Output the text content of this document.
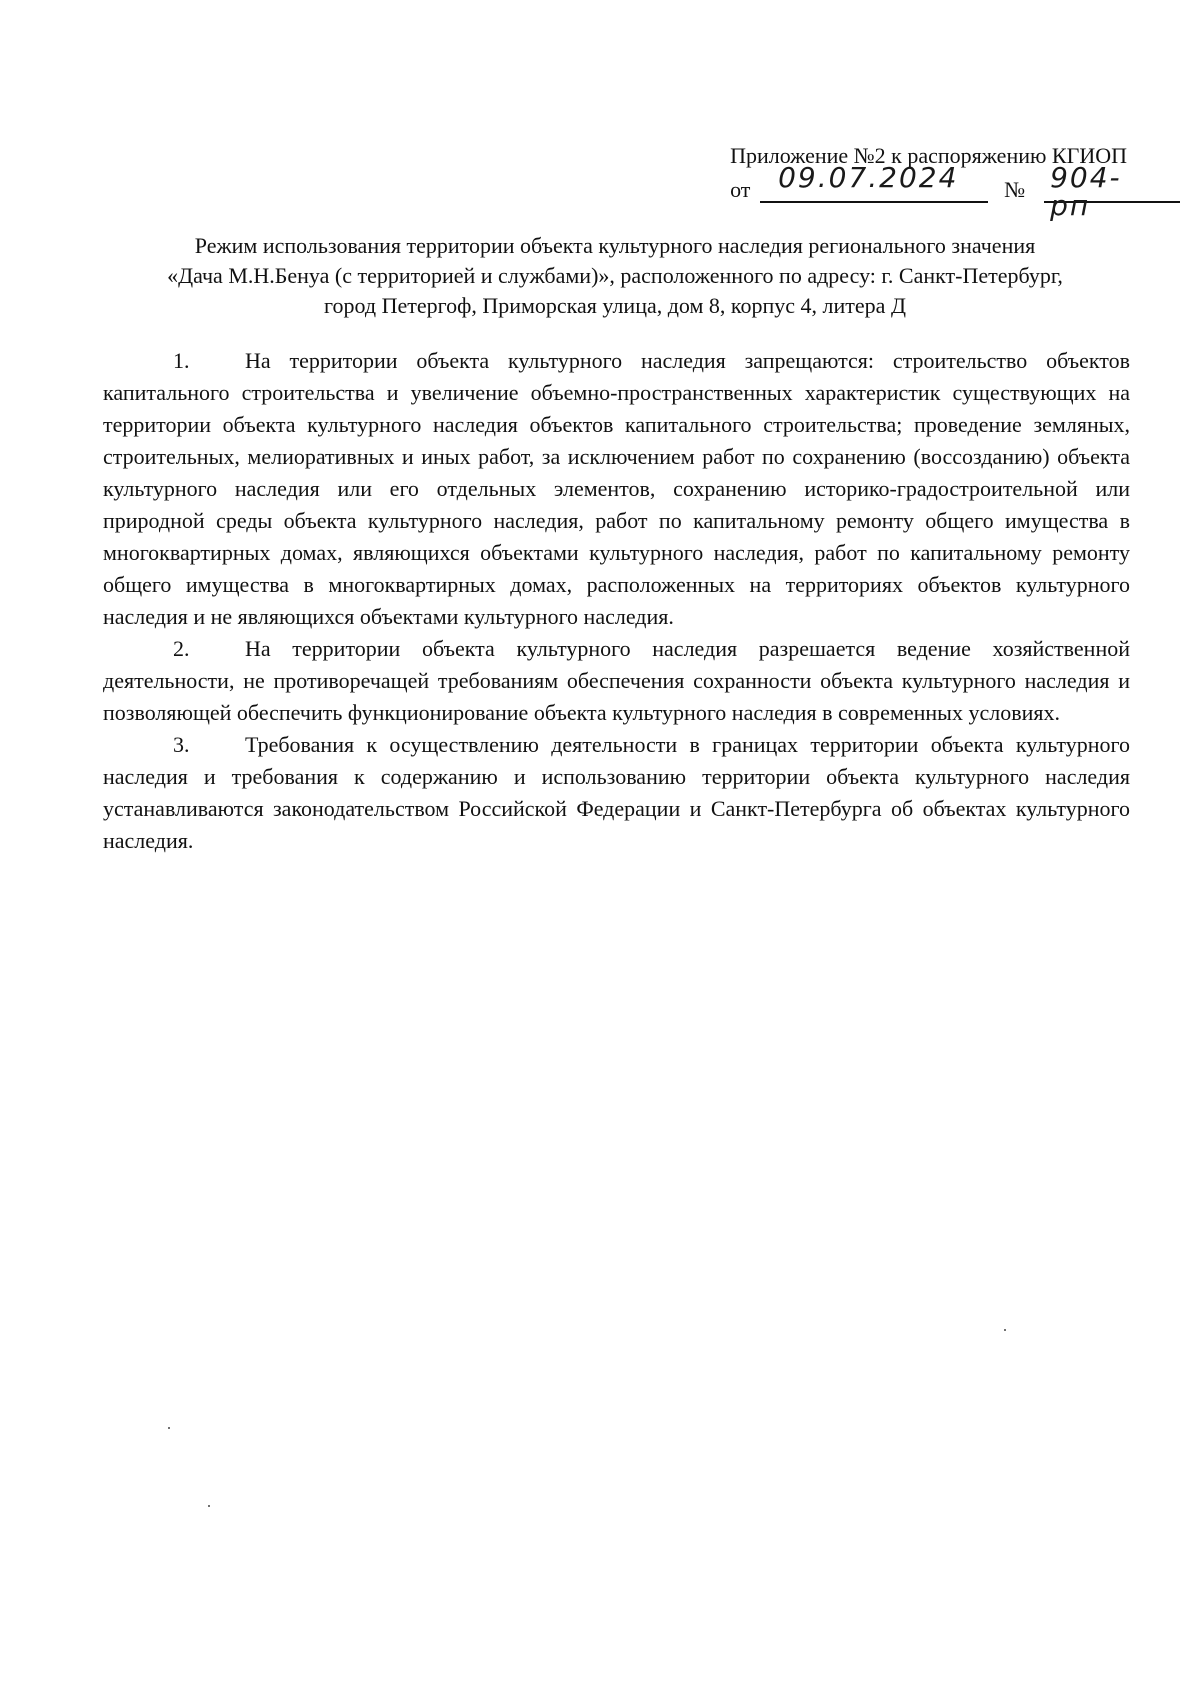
Приложение №2 к распоряжению КГИОП
от 09.07.2024 № 904-рп
Режим использования территории объекта культурного наследия регионального значения
«Дача М.Н.Бенуа (с территорией и службами)», расположенного по адресу: г. Санкт-Петербург,
город Петергоф, Приморская улица, дом 8, корпус 4, литера Д

1.	На территории объекта культурного наследия запрещаются: строительство объектов капитального строительства и увеличение объемно-пространственных характеристик существующих на территории объекта культурного наследия объектов капитального строительства; проведение земляных, строительных, мелиоративных и иных работ, за исключением работ по сохранению (воссозданию) объекта культурного наследия или его отдельных элементов, сохранению историко-градостроительной или природной среды объекта культурного наследия, работ по капитальному ремонту общего имущества в многоквартирных домах, являющихся объектами культурного наследия, работ по капитальному ремонту общего имущества в многоквартирных домах, расположенных на территориях объектов культурного наследия и не являющихся объектами культурного наследия.

2.	На территории объекта культурного наследия разрешается ведение хозяйственной деятельности, не противоречащей требованиям обеспечения сохранности объекта культурного наследия и позволяющей обеспечить функционирование объекта культурного наследия в современных условиях.

3.	Требования к осуществлению деятельности в границах территории объекта культурного наследия и требования к содержанию и использованию территории объекта культурного наследия устанавливаются законодательством Российской Федерации и Санкт-Петербурга об объектах культурного наследия.
